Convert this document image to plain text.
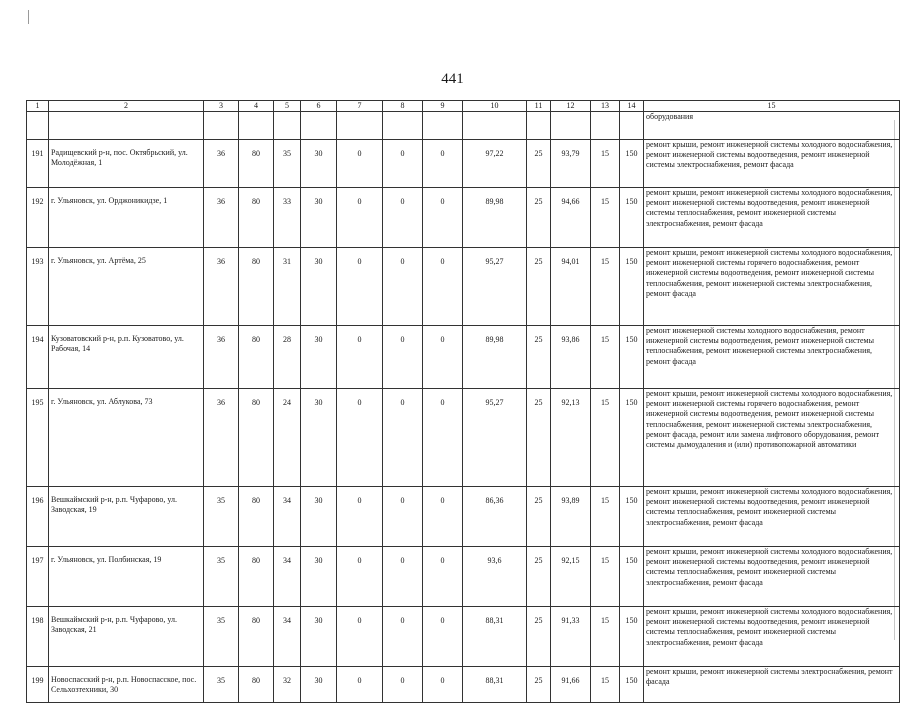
441
1	2	3	4	5	6	7	8	9	10	11	12	13	14	15
														оборудования
191	Радищевский р-н, пос. Октябрьский, ул. Молодёжная, 1	36	80	35	30	0	0	0	97,22	25	93,79	15	150	ремонт крыши, ремонт инженерной системы холодного водоснабжения, ремонт инженерной системы водоотведения, ремонт инженерной системы электроснабжения, ремонт фасада
192	г. Ульяновск, ул. Орджоникидзе, 1	36	80	33	30	0	0	0	89,98	25	94,66	15	150	ремонт крыши, ремонт инженерной системы холодного водоснабжения, ремонт инженерной системы водоотведения, ремонт инженерной системы теплоснабжения, ремонт инженерной системы электроснабжения, ремонт фасада
193	г. Ульяновск, ул. Артёма, 25	36	80	31	30	0	0	0	95,27	25	94,01	15	150	ремонт крыши, ремонт инженерной системы холодного водоснабжения, ремонт инженерной системы горячего водоснабжения, ремонт инженерной системы водоотведения, ремонт инженерной системы теплоснабжения, ремонт инженерной системы электроснабжения, ремонт фасада
194	Кузоватовский р-н, р.п. Кузоватово, ул. Рабочая, 14	36	80	28	30	0	0	0	89,98	25	93,86	15	150	ремонт инженерной системы холодного водоснабжения, ремонт инженерной системы водоотведения, ремонт инженерной системы теплоснабжения, ремонт инженерной системы электроснабжения, ремонт фасада
195	г. Ульяновск, ул. Аблукова, 73	36	80	24	30	0	0	0	95,27	25	92,13	15	150	ремонт крыши, ремонт инженерной системы холодного водоснабжения, ремонт инженерной системы горячего водоснабжения, ремонт инженерной системы водоотведения, ремонт инженерной системы теплоснабжения, ремонт инженерной системы электроснабжения, ремонт фасада, ремонт или замена лифтового оборудования, ремонт системы дымоудаления и (или) противопожарной автоматики
196	Вешкаймский р-н, р.п. Чуфарово, ул. Заводская, 19	35	80	34	30	0	0	0	86,36	25	93,89	15	150	ремонт крыши, ремонт инженерной системы холодного водоснабжения, ремонт инженерной системы водоотведения, ремонт инженерной системы теплоснабжения, ремонт инженерной системы электроснабжения, ремонт фасада
197	г. Ульяновск, ул. Полбинская, 19	35	80	34	30	0	0	0	93,6	25	92,15	15	150	ремонт крыши, ремонт инженерной системы холодного водоснабжения, ремонт инженерной системы водоотведения, ремонт инженерной системы теплоснабжения, ремонт инженерной системы электроснабжения, ремонт фасада
198	Вешкаймский р-н, р.п. Чуфарово, ул. Заводская, 21	35	80	34	30	0	0	0	88,31	25	91,33	15	150	ремонт крыши, ремонт инженерной системы холодного водоснабжения, ремонт инженерной системы водоотведения, ремонт инженерной системы теплоснабжения, ремонт инженерной системы электроснабжения, ремонт фасада
199	Новоспасский р-н, р.п. Новоспасское, пос. Сельхозтехники, 30	35	80	32	30	0	0	0	88,31	25	91,66	15	150	ремонт крыши, ремонт инженерной системы электроснабжения, ремонт фасада
